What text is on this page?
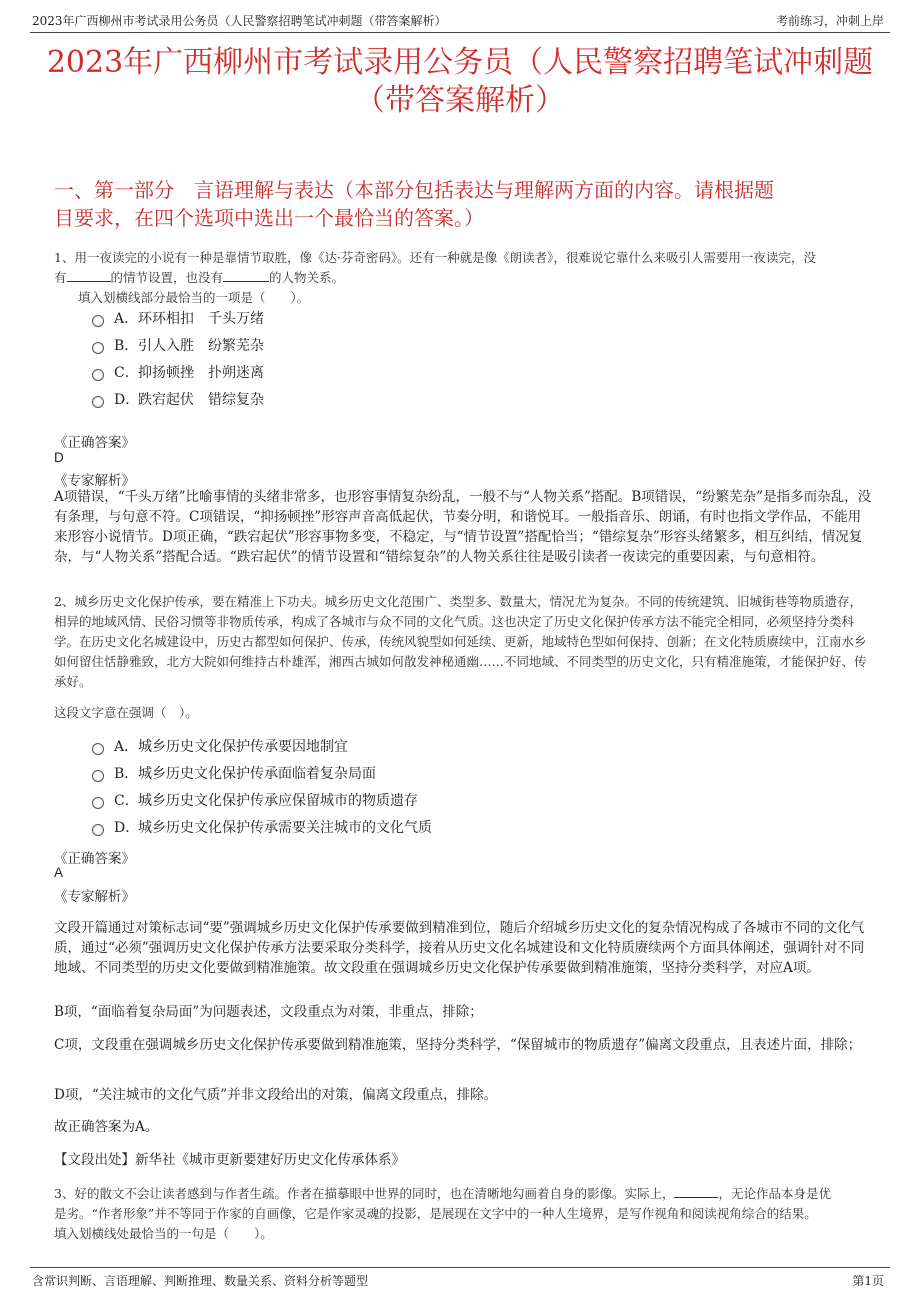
2023年广西柳州市考试录用公务员（人民警察招聘笔试冲刺题（带答案解析）	考前练习，冲刺上岸
2023年广西柳州市考试录用公务员（人民警察招聘笔试冲刺题
（带答案解析）
一、第一部分　言语理解与表达（本部分包括表达与理解两方面的内容。请根据题
目要求，在四个选项中选出一个最恰当的答案。）
1、用一夜读完的小说有一种是靠情节取胜，像《达·芬奇密码》。还有一种就是像《朗读者》，很难说它靠什么来吸引人需要用一夜读完，没
有	的情节设置，也没有	的人物关系。
填入划横线部分最恰当的一项是（　　）。
A． 环环相扣　千头万绪
B． 引人入胜　纷繁芜杂
C． 抑扬顿挫　扑朔迷离
D．
跌宕起伏　错综复杂
《正确答案》
D
《专家解析》
A项错误，“千头万绪”比喻事情的头绪非常多，也形容事情复杂纷乱，一般不与“人物关系”搭配。B项错误，“纷繁芜杂”是指多而杂乱，没有条理，与句意不符。C项错误，“抑扬顿挫”形容声音高低起伏，节奏分明，和谐悦耳。一般指音乐、朗诵，有时也指文学作品，不能用来形容小说情节。D项正确，“跌宕起伏”形容事物多变，不稳定，与“情节设置”搭配恰当；“错综复杂”形容头绪繁多，相互纠结，情况复杂，与“人物关系”搭配合适。“跌宕起伏”的情节设置和“错综复杂”的人物关系往往是吸引读者一夜读完的重要因素，与句意相符。
2、城乡历史文化保护传承，要在精准上下功夫。城乡历史文化范围广、类型多、数量大，情况尤为复杂。不同的传统建筑、旧城街巷等物质遗存，相异的地域风情、民俗习惯等非物质传承，构成了各城市与众不同的文化气质。这也决定了历史文化保护传承方法不能完全相同，必须坚持分类科学。在历史文化名城建设中，历史古都型如何保护、传承，传统风貌型如何延续、更新，地域特色型如何保持、创新；在文化特质赓续中，江南水乡如何留住恬静雅致，北方大院如何维持古朴雄浑，湘西古城如何散发神秘通幽……不同地域、不同类型的历史文化，只有精准施策，才能保护好、传承好。
这段文字意在强调（　）。
A． 城乡历史文化保护传承要因地制宜
B． 城乡历史文化保护传承面临着复杂局面
C． 城乡历史文化保护传承应保留城市的物质遗存
D．
城乡历史文化保护传承需要关注城市的文化气质
《正确答案》
A
《专家解析》
文段开篇通过对策标志词“要”强调城乡历史文化保护传承要做到精准到位，随后介绍城乡历史文化的复杂情况构成了各城市不同的文化气质，通过“必须”强调历史文化保护传承方法要采取分类科学，接着从历史文化名城建设和文化特质赓续两个方面具体阐述，强调针对不同地域、不同类型的历史文化要做到精准施策。故文段重在强调城乡历史文化保护传承要做到精准施策，坚持分类科学，对应A项。
B项，“面临着复杂局面”为问题表述，文段重点为对策，非重点，排除；
C项，文段重在强调城乡历史文化保护传承要做到精准施策，坚持分类科学，“保留城市的物质遗存”偏离文段重点，且表述片面，排除；
D项，“关注城市的文化气质”并非文段给出的对策，偏离文段重点，排除。
故正确答案为A。
【文段出处】新华社《城市更新要建好历史文化传承体系》
3、好的散文不会让读者感到与作者生疏。作者在描摹眼中世界的同时，也在清晰地勾画着自身的影像。实际上，	，无论作品本身是优
是劣。“作者形象”并不等同于作家的自画像，它是作家灵魂的投影，是展现在文字中的一种人生境界，是写作视角和阅读视角综合的结果。
填入划横线处最恰当的一句是（　　）。
含常识判断、言语理解、判断推理、数量关系、资料分析等题型	第1页
